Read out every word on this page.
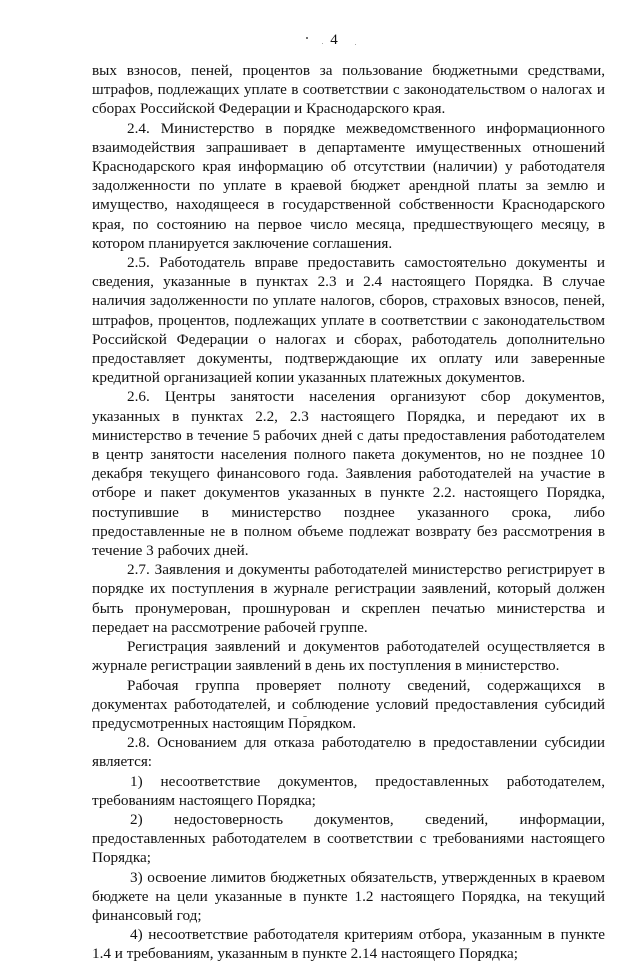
4

вых взносов, пеней, процентов за пользование бюджетными средствами, штрафов, подлежащих уплате в соответствии с законодательством о налогах и сборах Российской Федерации и Краснодарского края.

2.4. Министерство в порядке межведомственного информационного взаимодействия запрашивает в департаменте имущественных отношений Краснодарского края информацию об отсутствии (наличии) у работодателя задолженности по уплате в краевой бюджет арендной платы за землю и имущество, находящееся в государственной собственности Краснодарского края, по состоянию на первое число месяца, предшествующего месяцу, в котором планируется заключение соглашения.

2.5. Работодатель вправе предоставить самостоятельно документы и сведения, указанные в пунктах 2.3 и 2.4 настоящего Порядка. В случае наличия задолженности по уплате налогов, сборов, страховых взносов, пеней, штрафов, процентов, подлежащих уплате в соответствии с законодательством Российской Федерации о налогах и сборах, работодатель дополнительно предоставляет документы, подтверждающие их оплату или заверенные кредитной организацией копии указанных платежных документов.

2.6. Центры занятости населения организуют сбор документов, указанных в пунктах 2.2, 2.3 настоящего Порядка, и передают их в министерство в течение 5 рабочих дней с даты предоставления работодателем в центр занятости населения полного пакета документов, но не позднее 10 декабря текущего финансового года. Заявления работодателей на участие в отборе и пакет документов указанных в пункте 2.2. настоящего Порядка, поступившие в министерство позднее указанного срока, либо предоставленные не в полном объеме подлежат возврату без рассмотрения в течение 3 рабочих дней.

2.7. Заявления и документы работодателей министерство регистрирует в порядке их поступления в журнале регистрации заявлений, который должен быть пронумерован, прошнурован и скреплен печатью министерства и передает на рассмотрение рабочей группе.

Регистрация заявлений и документов работодателей осуществляется в журнале регистрации заявлений в день их поступления в министерство.

Рабочая группа проверяет полноту сведений, содержащихся в документах работодателей, и соблюдение условий предоставления субсидий предусмотренных настоящим Порядком.

2.8. Основанием для отказа работодателю в предоставлении субсидии является:

1) несоответствие документов, предоставленных работодателем, требованиям настоящего Порядка;

2) недостоверность документов, сведений, информации, предоставленных работодателем в соответствии с требованиями настоящего Порядка;

3) освоение лимитов бюджетных обязательств, утвержденных в краевом бюджете на цели указанные в пункте 1.2 настоящего Порядка, на текущий финансовый год;

4) несоответствие работодателя критериям отбора, указанным в пункте 1.4 и требованиям, указанным в пункте 2.14 настоящего Порядка;
